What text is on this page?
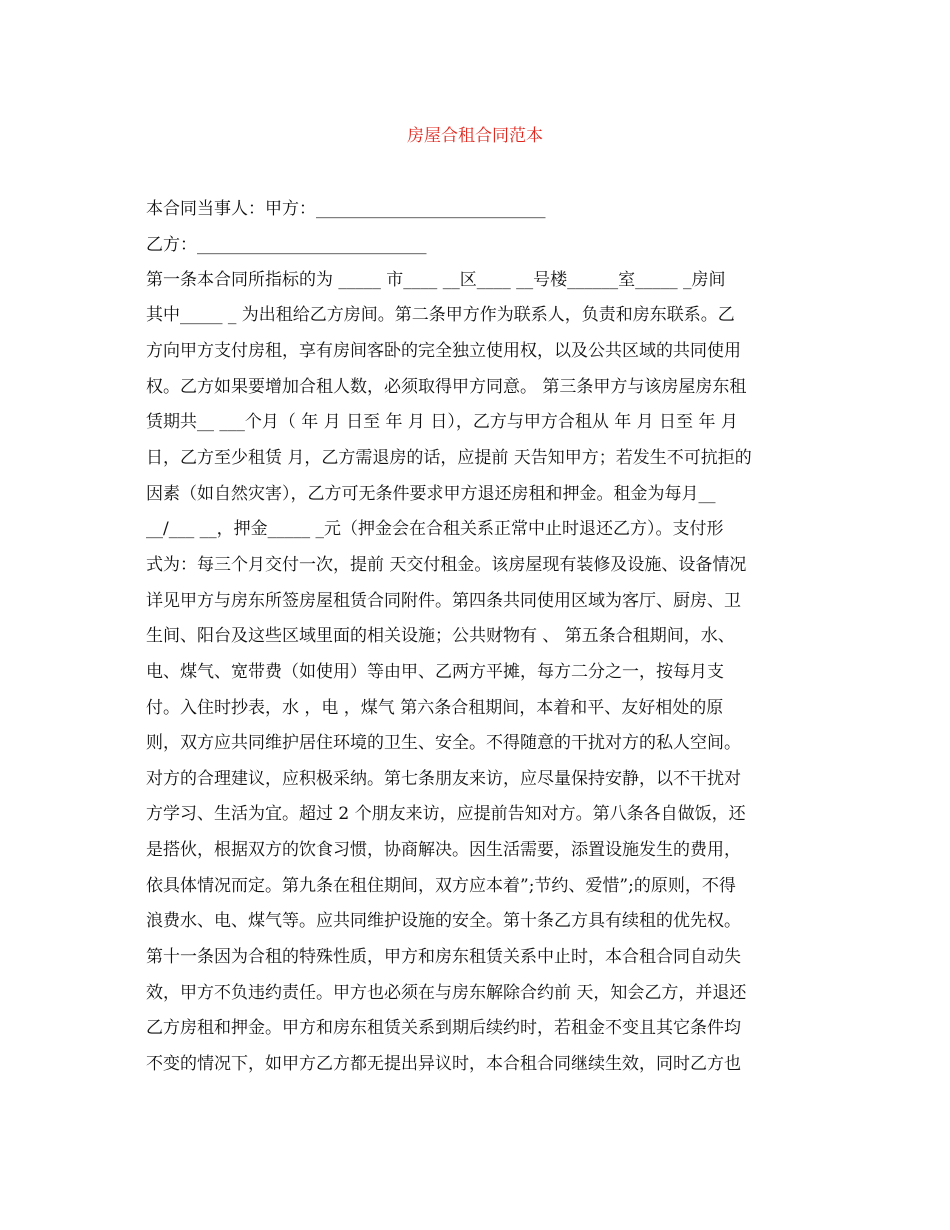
房屋合租合同范本
本合同当事人：甲方：___________________________
乙方：___________________________
第一条本合同所指标的为 _____ 市____ __区____ __号楼______室_____ _房间
其中_____ _ 为出租给乙方房间。第二条甲方作为联系人，负责和房东联系。乙
方向甲方支付房租，享有房间客卧的完全独立使用权，以及公共区域的共同使用
权。乙方如果要增加合租人数，必须取得甲方同意。 第三条甲方与该房屋房东租
赁期共__ ___个月（ 年 月 日至 年 月 日），乙方与甲方合租从 年 月 日至 年 月
日，乙方至少租赁 月，乙方需退房的话，应提前 天告知甲方；若发生不可抗拒的
因素（如自然灾害），乙方可无条件要求甲方退还房租和押金。租金为每月__
__/___ __，押金_____ _元（押金会在合租关系正常中止时退还乙方）。支付形
式为：每三个月交付一次，提前 天交付租金。该房屋现有装修及设施、设备情况
详见甲方与房东所签房屋租赁合同附件。第四条共同使用区域为客厅、厨房、卫
生间、阳台及这些区域里面的相关设施；公共财物有 、 第五条合租期间，水、
电、煤气、宽带费（如使用）等由甲、乙两方平摊，每方二分之一，按每月支
付。入住时抄表，水 ，电 ，煤气 第六条合租期间，本着和平、友好相处的原
则，双方应共同维护居住环境的卫生、安全。不得随意的干扰对方的私人空间。
对方的合理建议，应积极采纳。第七条朋友来访，应尽量保持安静，以不干扰对
方学习、生活为宜。超过 2 个朋友来访，应提前告知对方。第八条各自做饭，还
是搭伙，根据双方的饮食习惯，协商解决。因生活需要，添置设施发生的费用，
依具体情况而定。第九条在租住期间，双方应本着”;节约、爱惜”;的原则，不得
浪费水、电、煤气等。应共同维护设施的安全。第十条乙方具有续租的优先权。
第十一条因为合租的特殊性质，甲方和房东租赁关系中止时，本合租合同自动失
效，甲方不负违约责任。甲方也必须在与房东解除合约前 天，知会乙方，并退还
乙方房租和押金。甲方和房东租赁关系到期后续约时，若租金不变且其它条件均
不变的情况下，如甲方乙方都无提出异议时，本合租合同继续生效，同时乙方也
